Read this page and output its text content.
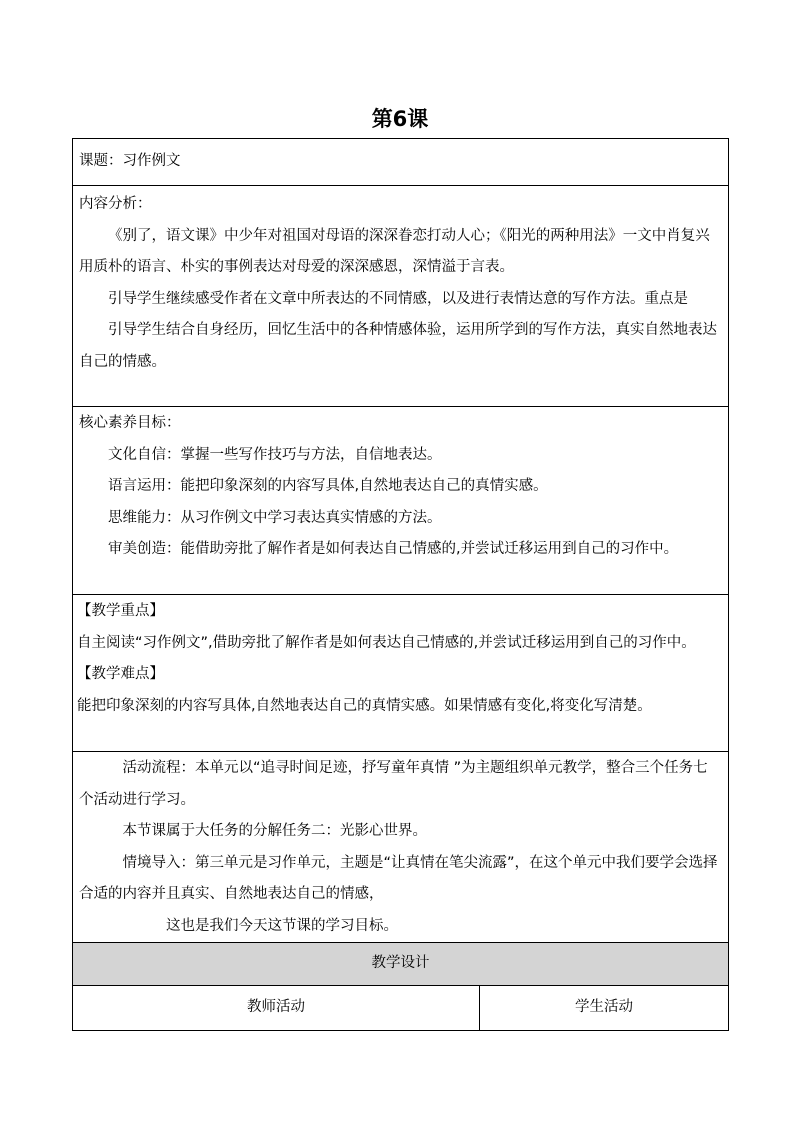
第6课

课题：习作例文

内容分析：

《别了，语文课》中少年对祖国对母语的深深眷恋打动人心；《阳光的两种用法》一文中肖复兴用质朴的语言、朴实的事例表达对母爱的深深感恩，深情溢于言表。

引导学生继续感受作者在文章中所表达的不同情感，以及进行表情达意的写作方法。重点是

引导学生结合自身经历，回忆生活中的各种情感体验，运用所学到的写作方法，真实自然地表达自己的情感。

核心素养目标：

文化自信：掌握一些写作技巧与方法，自信地表达。

语言运用：能把印象深刻的内容写具体,自然地表达自己的真情实感。

思维能力：从习作例文中学习表达真实情感的方法。

审美创造：能借助旁批了解作者是如何表达自己情感的,并尝试迁移运用到自己的习作中。

【教学重点】

自主阅读“习作例文”,借助旁批了解作者是如何表达自己情感的,并尝试迁移运用到自己的习作中。

【教学难点】

能把印象深刻的内容写具体,自然地表达自己的真情实感。如果情感有变化,将变化写清楚。

活动流程：本单元以“追寻时间足迹，抒写童年真情 ”为主题组织单元教学，整合三个任务七个活动进行学习。

本节课属于大任务的分解任务二：光影心世界。

情境导入：第三单元是习作单元，主题是“让真情在笔尖流露”，在这个单元中我们要学会选择合适的内容并且真实、自然地表达自己的情感，

这也是我们今天这节课的学习目标。

教学设计
教师活动	学生活动
